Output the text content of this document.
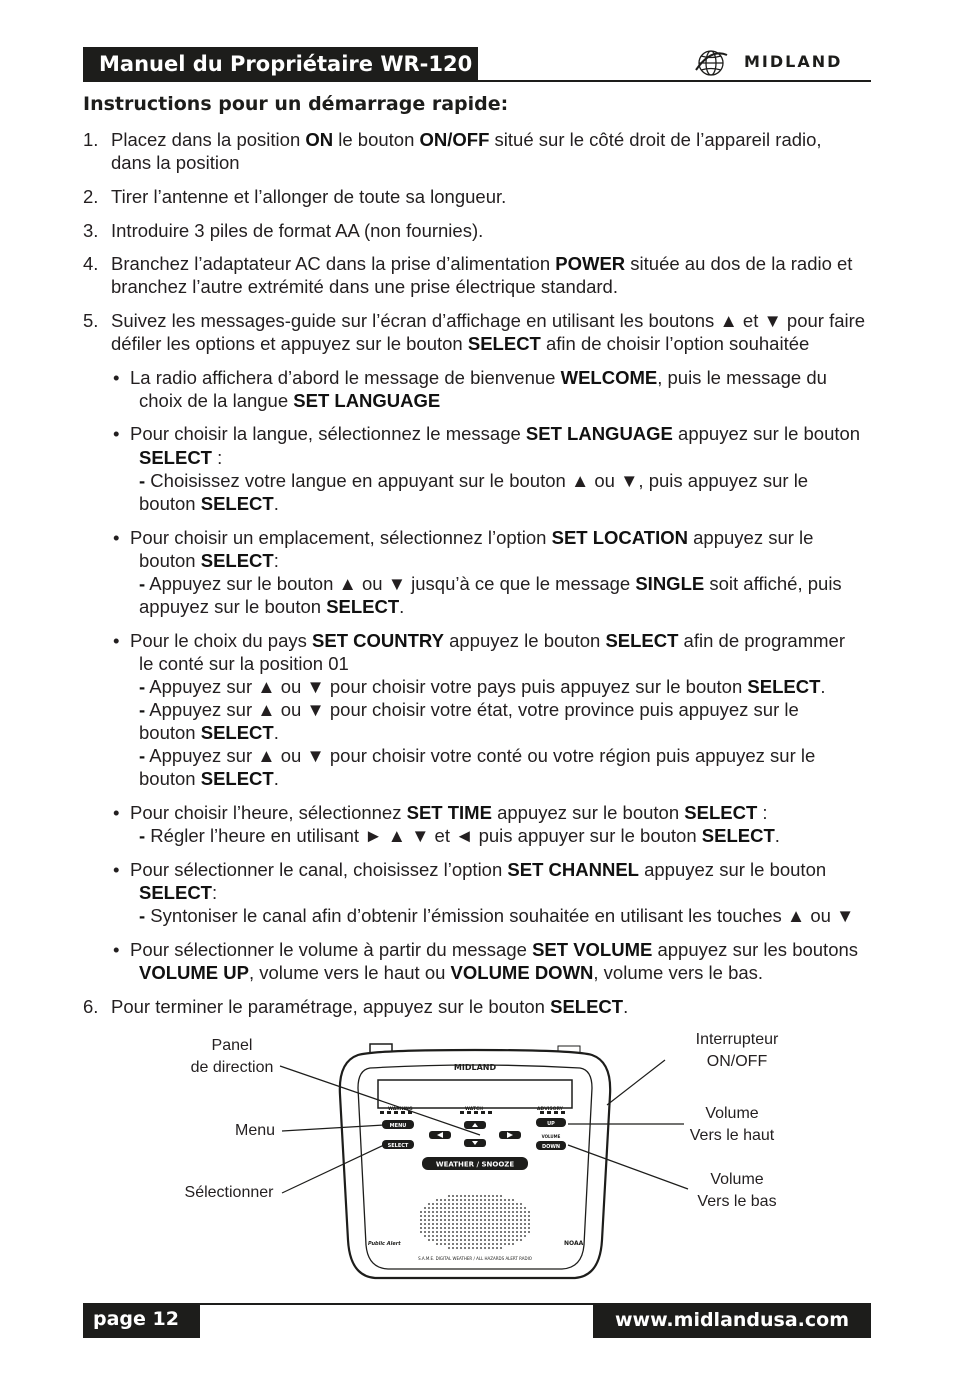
Manuel du Propriétaire WR-120	MIDLAND
Instructions pour un démarrage rapide:
1. Placez dans la position ON le bouton ON/OFF situé sur le côté droit de l’appareil radio,
dans la position
2. Tirer l’antenne et l’allonger de toute sa longueur.
3. Introduire 3 piles de format AA (non fournies).
4. Branchez l’adaptateur AC dans la prise d’alimentation POWER située au dos de la radio et
branchez l’autre extrémité dans une prise électrique standard.
5. Suivez les messages-guide sur l’écran d’affichage en utilisant les boutons ▲ et ▼ pour faire
défiler les options et appuyez sur le bouton SELECT afin de choisir l’option souhaitée
• La radio affichera d’abord le message de bienvenue WELCOME, puis le message du
choix de la langue SET LANGUAGE
• Pour choisir la langue, sélectionnez le message SET LANGUAGE appuyez sur le bouton
SELECT :
- Choisissez votre langue en appuyant sur le bouton ▲ ou ▼, puis appuyez sur le
bouton SELECT.
• Pour choisir un emplacement, sélectionnez l’option SET LOCATION appuyez sur le
bouton SELECT:
- Appuyez sur le bouton ▲ ou ▼ jusqu’à ce que le message SINGLE soit affiché, puis
appuyez sur le bouton SELECT.
• Pour le choix du pays SET COUNTRY appuyez le bouton SELECT afin de programmer
le conté sur la position 01
- Appuyez sur ▲ ou ▼ pour choisir votre pays puis appuyez sur le bouton SELECT.
- Appuyez sur ▲ ou ▼ pour choisir votre état, votre province puis appuyez sur le
bouton SELECT.
- Appuyez sur ▲ ou ▼ pour choisir votre conté ou votre région puis appuyez sur le
bouton SELECT.
• Pour choisir l’heure, sélectionnez SET TIME appuyez sur le bouton SELECT :
- Régler l’heure en utilisant ► ▲ ▼ et ◄ puis appuyer sur le bouton SELECT.
• Pour sélectionner le canal, choisissez l’option SET CHANNEL appuyez sur le bouton
SELECT:
- Syntoniser le canal afin d’obtenir l’émission souhaitée en utilisant les touches ▲ ou ▼
• Pour sélectionner le volume à partir du message SET VOLUME appuyez sur les boutons
VOLUME UP, volume vers le haut ou VOLUME DOWN, volume vers le bas.
6. Pour terminer le paramétrage, appuyez sur le bouton SELECT.
Panel
de direction
Menu
Sélectionner
Interrupteur
ON/OFF
Volume
Vers le haut
Volume
Vers le bas
MIDLAND
WARNING	WATCH	ADVISORY
MENU
SELECT
UP
VOLUME
DOWN
WEATHER / SNOOZE
Public Alert	NOAA
S.A.M.E. DIGITAL WEATHER / ALL HAZARDS ALERT RADIO
page 12	www.midlandusa.com
